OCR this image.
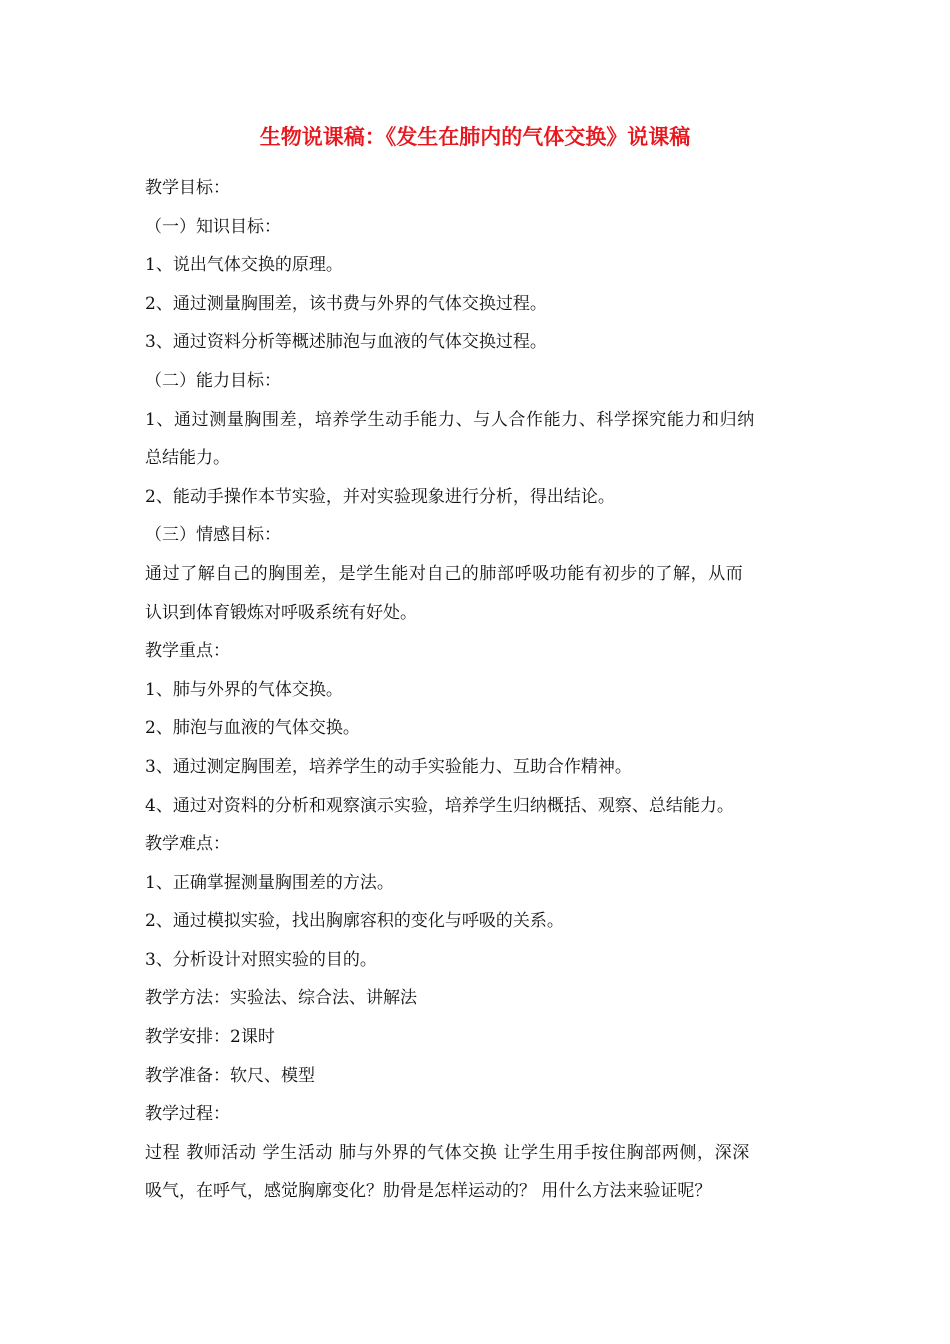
生物说课稿：《发生在肺内的气体交换》说课稿
教学目标：
（一）知识目标：
1、说出气体交换的原理。
2、通过测量胸围差，该书费与外界的气体交换过程。
3、通过资料分析等概述肺泡与血液的气体交换过程。
（二）能力目标：
1、通过测量胸围差，培养学生动手能力、与人合作能力、科学探究能力和归纳
总结能力。
2、能动手操作本节实验，并对实验现象进行分析，得出结论。
（三）情感目标：
通过了解自己的胸围差，是学生能对自己的肺部呼吸功能有初步的了解，从而
认识到体育锻炼对呼吸系统有好处。
教学重点：
1、肺与外界的气体交换。
2、肺泡与血液的气体交换。
3、通过测定胸围差，培养学生的动手实验能力、互助合作精神。
4、通过对资料的分析和观察演示实验，培养学生归纳概括、观察、总结能力。
教学难点：
1、正确掌握测量胸围差的方法。
2、通过模拟实验，找出胸廓容积的变化与呼吸的关系。
3、分析设计对照实验的目的。
教学方法：实验法、综合法、讲解法
教学安排：2课时
教学准备：软尺、模型
教学过程：
过程 教师活动 学生活动 肺与外界的气体交换 让学生用手按住胸部两侧，深深
吸气，在呼气，感觉胸廓变化？肋骨是怎样运动的？ 用什么方法来验证呢？
